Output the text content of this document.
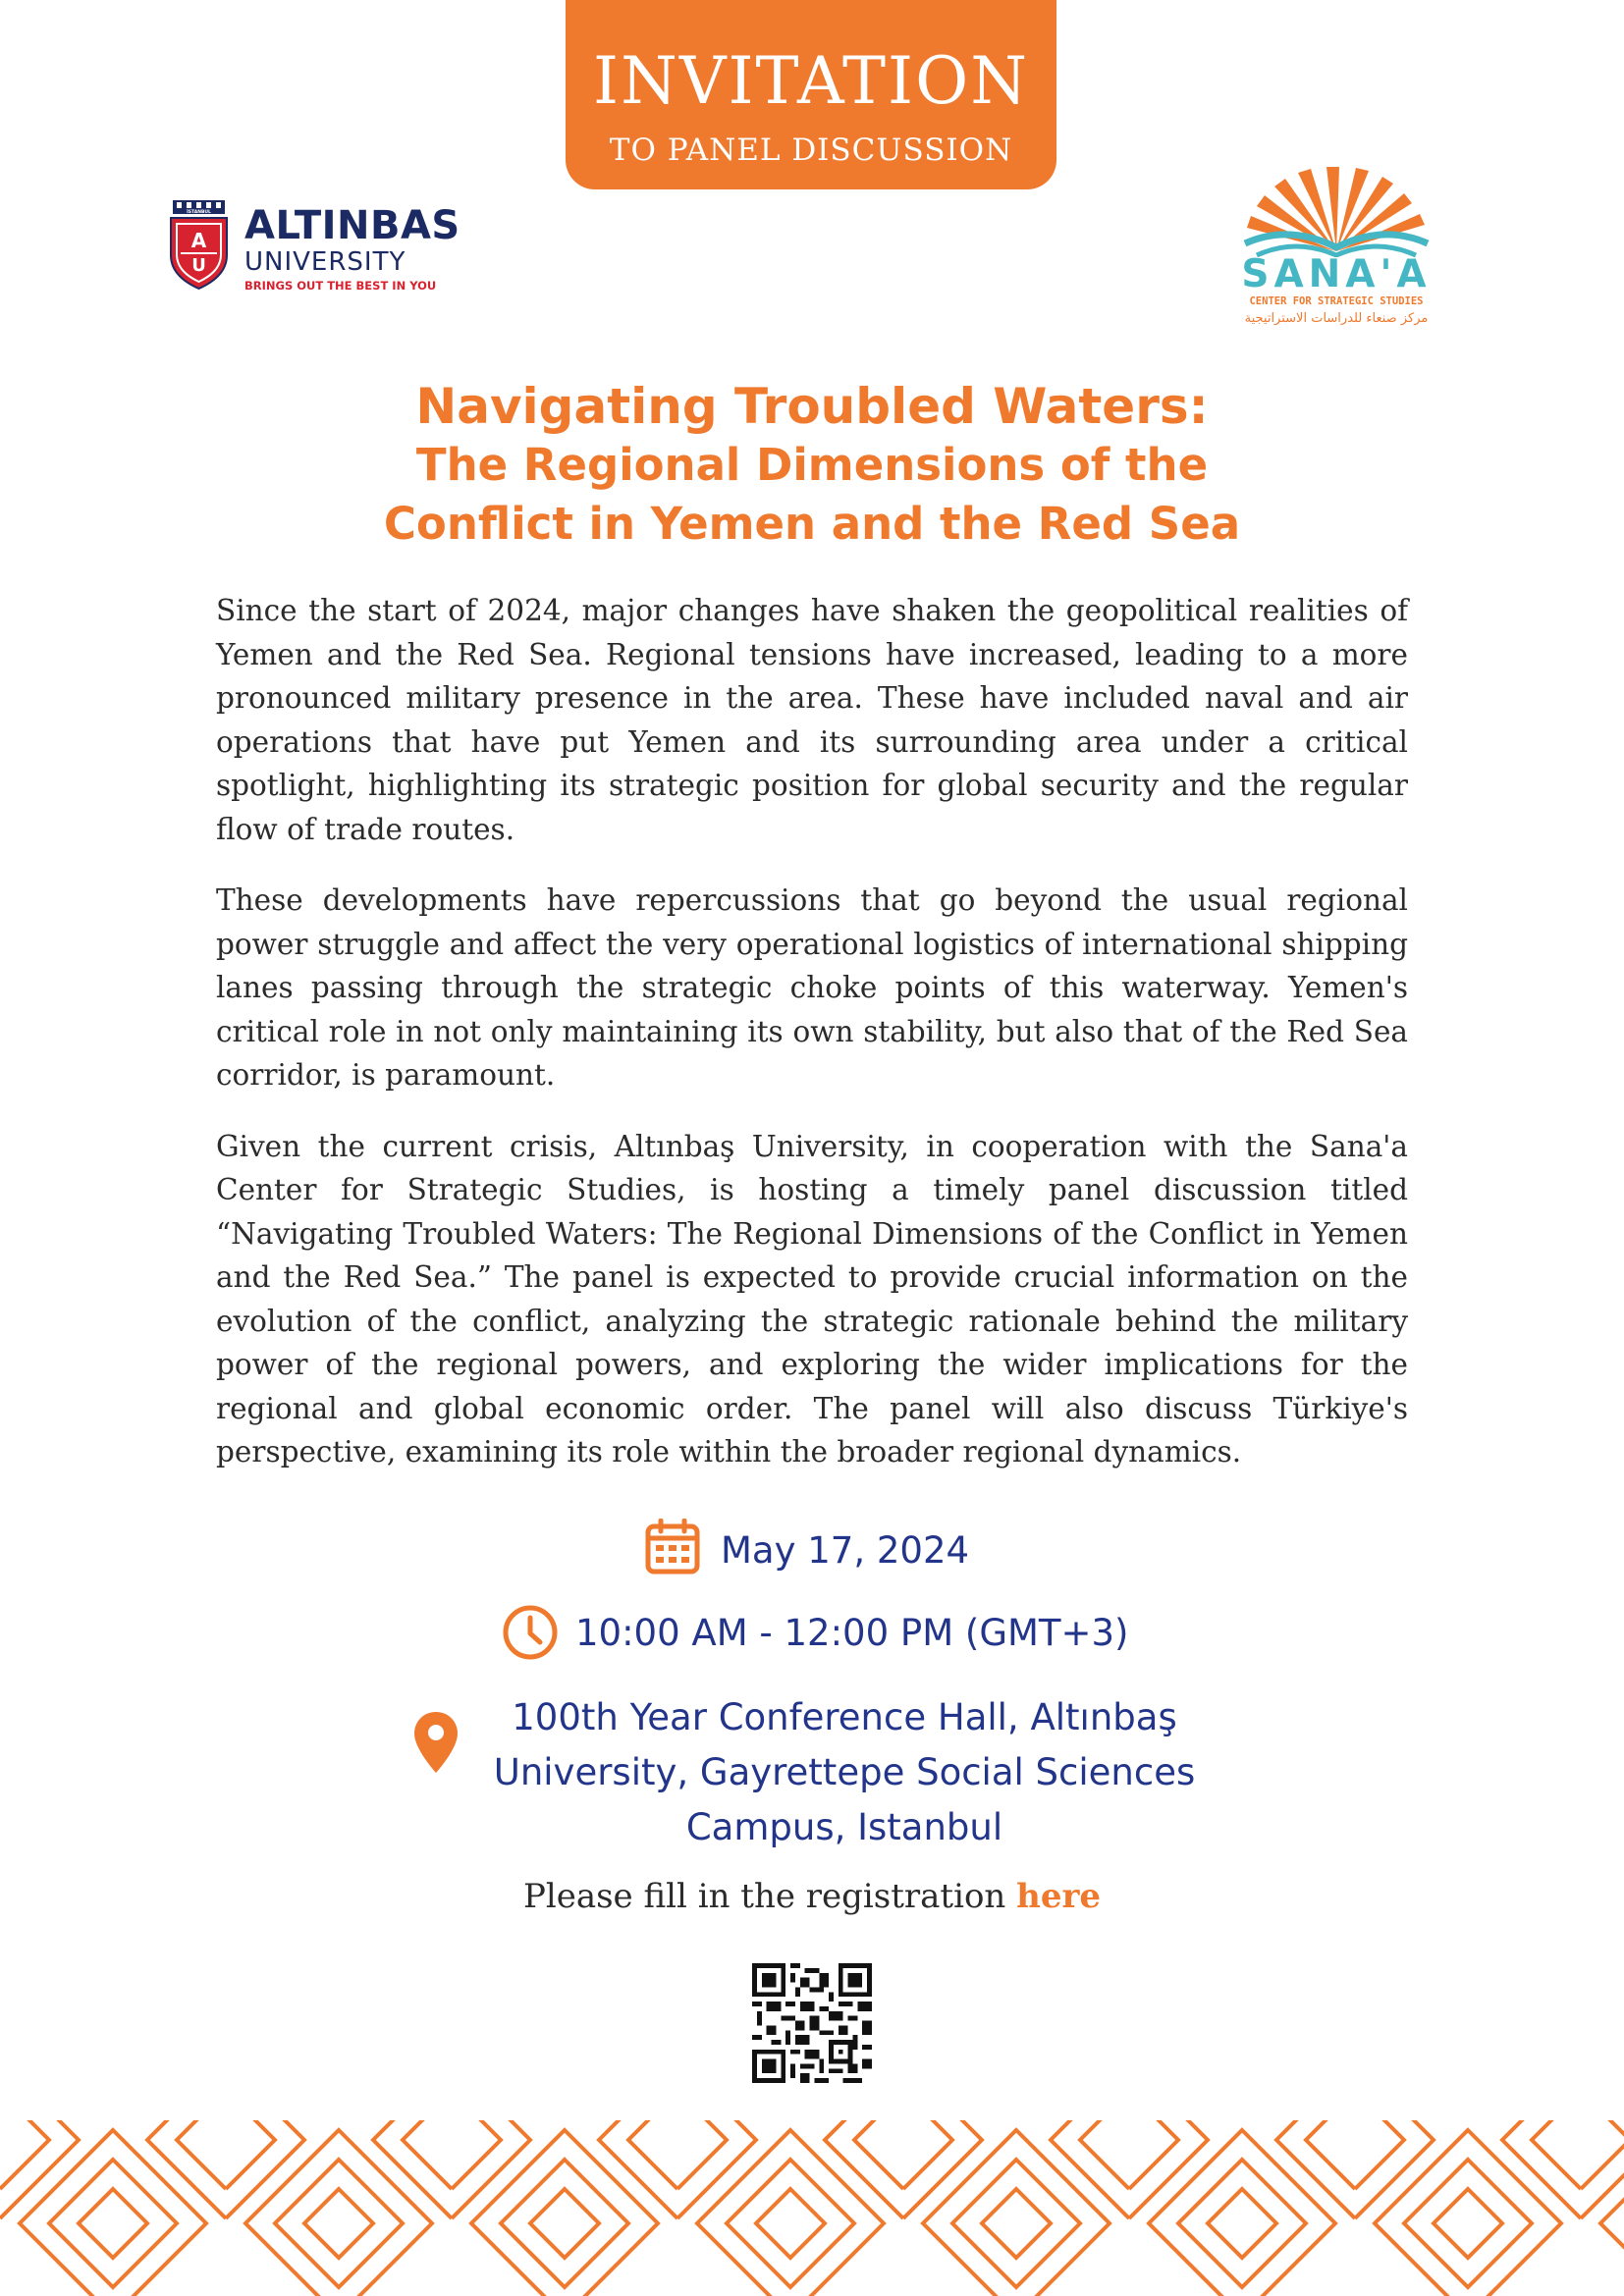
INVITATION
TO PANEL DISCUSSION
İSTANBUL
A
U
ALTINBAS
UNIVERSITY
BRINGS OUT THE BEST IN YOU	SANA'A
CENTER FOR STRATEGIC STUDIES
مركز صنعاء للدراسات الاستراتيجية
Navigating Troubled Waters:
The Regional Dimensions of the
Conflict in Yemen and the Red Sea

Since the start of 2024, major changes have shaken the geopolitical realities of Yemen and the Red Sea. Regional tensions have increased, leading to a more pronounced military presence in the area. These have included naval and air operations that have put Yemen and its surrounding area under a critical spotlight, highlighting its strategic position for global security and the regular flow of trade routes.

These developments have repercussions that go beyond the usual regional power struggle and affect the very operational logistics of international shipping lanes passing through the strategic choke points of this waterway. Yemen's critical role in not only maintaining its own stability, but also that of the Red Sea corridor, is paramount.

Given the current crisis, Altınbaş University, in cooperation with the Sana'a Center for Strategic Studies, is hosting a timely panel discussion titled “Navigating Troubled Waters: The Regional Dimensions of the Conflict in Yemen and the Red Sea.” The panel is expected to provide crucial information on the evolution of the conflict, analyzing the strategic rationale behind the military power of the regional powers, and exploring the wider implications for the regional and global economic order. The panel will also discuss Türkiye's perspective, examining its role within the broader regional dynamics.

May 17, 2024
10:00 AM - 12:00 PM (GMT+3)
100th Year Conference Hall, Altınbaş
University, Gayrettepe Social Sciences
Campus, Istanbul
Please fill in the registration here
